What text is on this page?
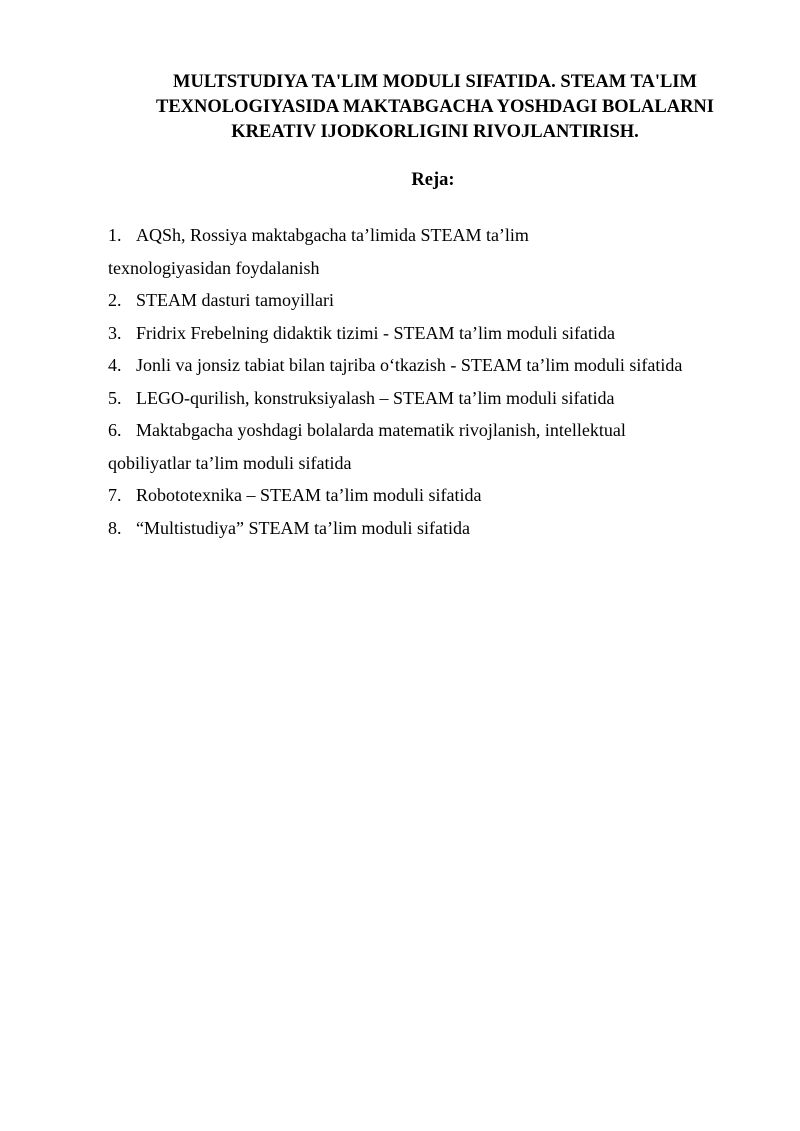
MULTSTUDIYA TA'LIM MODULI SIFATIDA. STEAM TA'LIM
TEXNOLOGIYASIDA MAKTABGACHA YOSHDAGI BOLALARNI
KREATIV IJODKORLIGINI RIVOJLANTIRISH.
Reja:
1. AQSh, Rossiya maktabgacha ta’limida STEAM ta’lim
texnologiyasidan foydalanish
2. STEAM dasturi tamoyillari
3. Fridrix Frebelning didaktik tizimi - STEAM ta’lim moduli sifatida
4. Jonli va jonsiz tabiat bilan tajriba o‘tkazish - STEAM ta’lim moduli sifatida
5. LEGO-qurilish, konstruksiyalash – STEAM ta’lim moduli sifatida
6. Maktabgacha yoshdagi bolalarda matematik rivojlanish, intellektual
qobiliyatlar ta’lim moduli sifatida
7. Robototexnika – STEAM ta’lim moduli sifatida
8. “Multistudiya” STEAM ta’lim moduli sifatida
